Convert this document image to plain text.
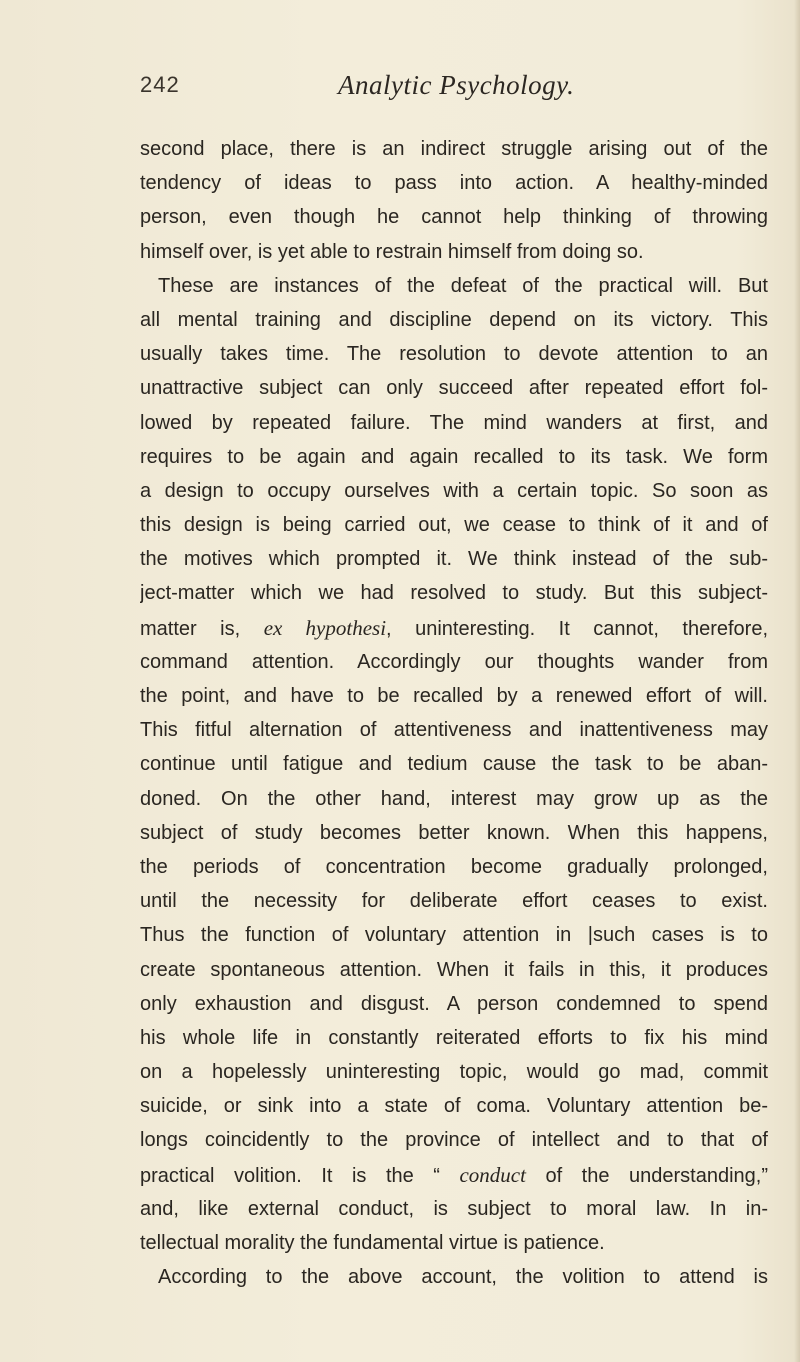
242	Analytic Psychology.
second place, there is an indirect struggle arising out of the
tendency of ideas to pass into action. A healthy-minded
person, even though he cannot help thinking of throwing
himself over, is yet able to restrain himself from doing so.
These are instances of the defeat of the practical will. But
all mental training and discipline depend on its victory. This
usually takes time. The resolution to devote attention to an
unattractive subject can only succeed after repeated effort fol-
lowed by repeated failure. The mind wanders at first, and
requires to be again and again recalled to its task. We form
a design to occupy ourselves with a certain topic. So soon as
this design is being carried out, we cease to think of it and of
the motives which prompted it. We think instead of the sub-
ject-matter which we had resolved to study. But this subject-
matter is, ex hypothesi, uninteresting. It cannot, therefore,
command attention. Accordingly our thoughts wander from
the point, and have to be recalled by a renewed effort of will.
This fitful alternation of attentiveness and inattentiveness may
continue until fatigue and tedium cause the task to be aban-
doned. On the other hand, interest may grow up as the
subject of study becomes better known. When this happens,
the periods of concentration become gradually prolonged,
until the necessity for deliberate effort ceases to exist.
Thus the function of voluntary attention in |such cases is to
create spontaneous attention. When it fails in this, it produces
only exhaustion and disgust. A person condemned to spend
his whole life in constantly reiterated efforts to fix his mind
on a hopelessly uninteresting topic, would go mad, commit
suicide, or sink into a state of coma. Voluntary attention be-
longs coincidently to the province of intellect and to that of
practical volition. It is the “ conduct of the understanding,”
and, like external conduct, is subject to moral law. In in-
tellectual morality the fundamental virtue is patience.
According to the above account, the volition to attend is
